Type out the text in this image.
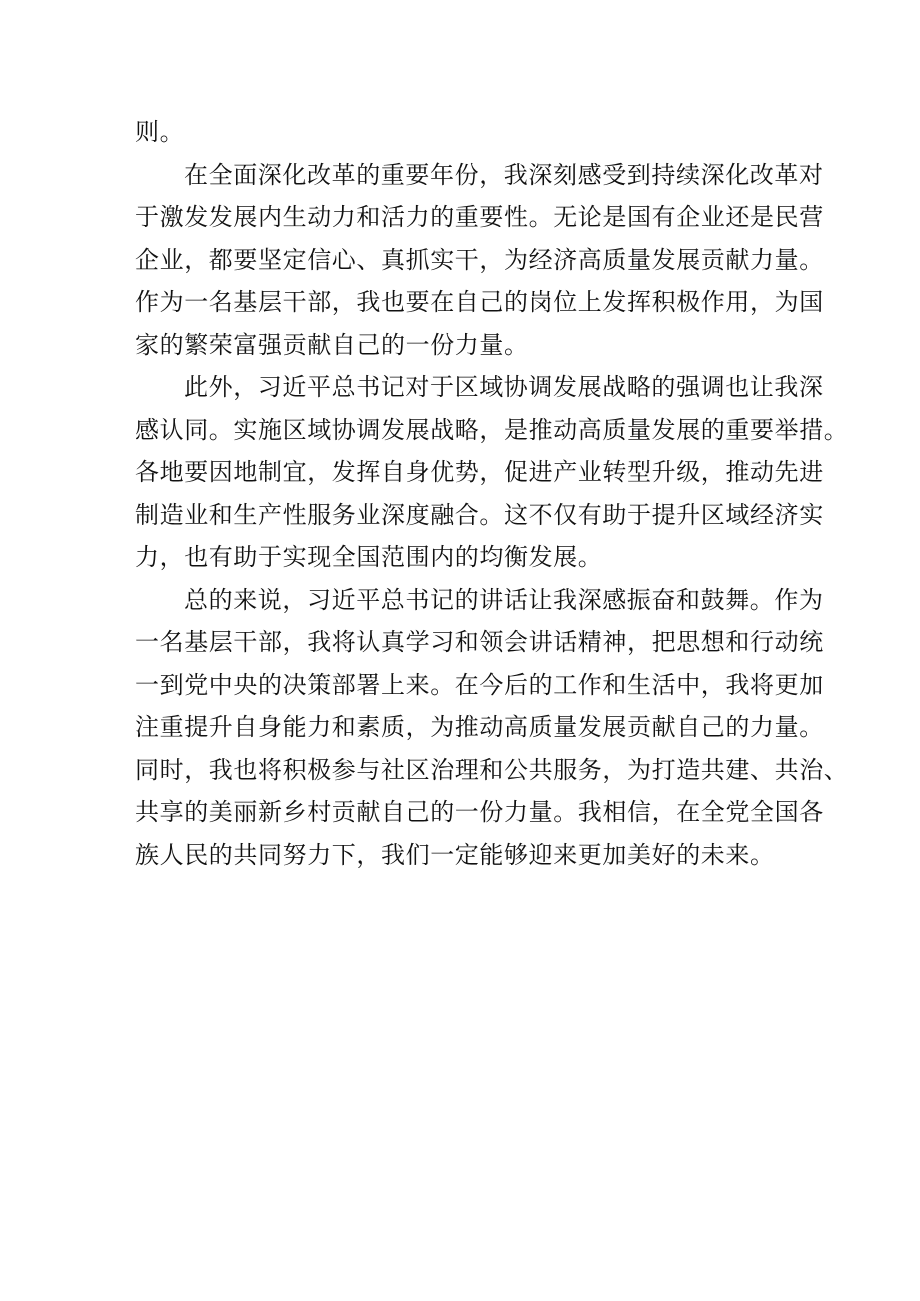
则。
在全面深化改革的重要年份，我深刻感受到持续深化改革对
于激发发展内生动力和活力的重要性。无论是国有企业还是民营
企业，都要坚定信心、真抓实干，为经济高质量发展贡献力量。
作为一名基层干部，我也要在自己的岗位上发挥积极作用，为国
家的繁荣富强贡献自己的一份力量。
此外，习近平总书记对于区域协调发展战略的强调也让我深
感认同。实施区域协调发展战略，是推动高质量发展的重要举措。
各地要因地制宜，发挥自身优势，促进产业转型升级，推动先进
制造业和生产性服务业深度融合。这不仅有助于提升区域经济实
力，也有助于实现全国范围内的均衡发展。
总的来说，习近平总书记的讲话让我深感振奋和鼓舞。作为
一名基层干部，我将认真学习和领会讲话精神，把思想和行动统
一到党中央的决策部署上来。在今后的工作和生活中，我将更加
注重提升自身能力和素质，为推动高质量发展贡献自己的力量。
同时，我也将积极参与社区治理和公共服务，为打造共建、共治、
共享的美丽新乡村贡献自己的一份力量。我相信，在全党全国各
族人民的共同努力下，我们一定能够迎来更加美好的未来。
